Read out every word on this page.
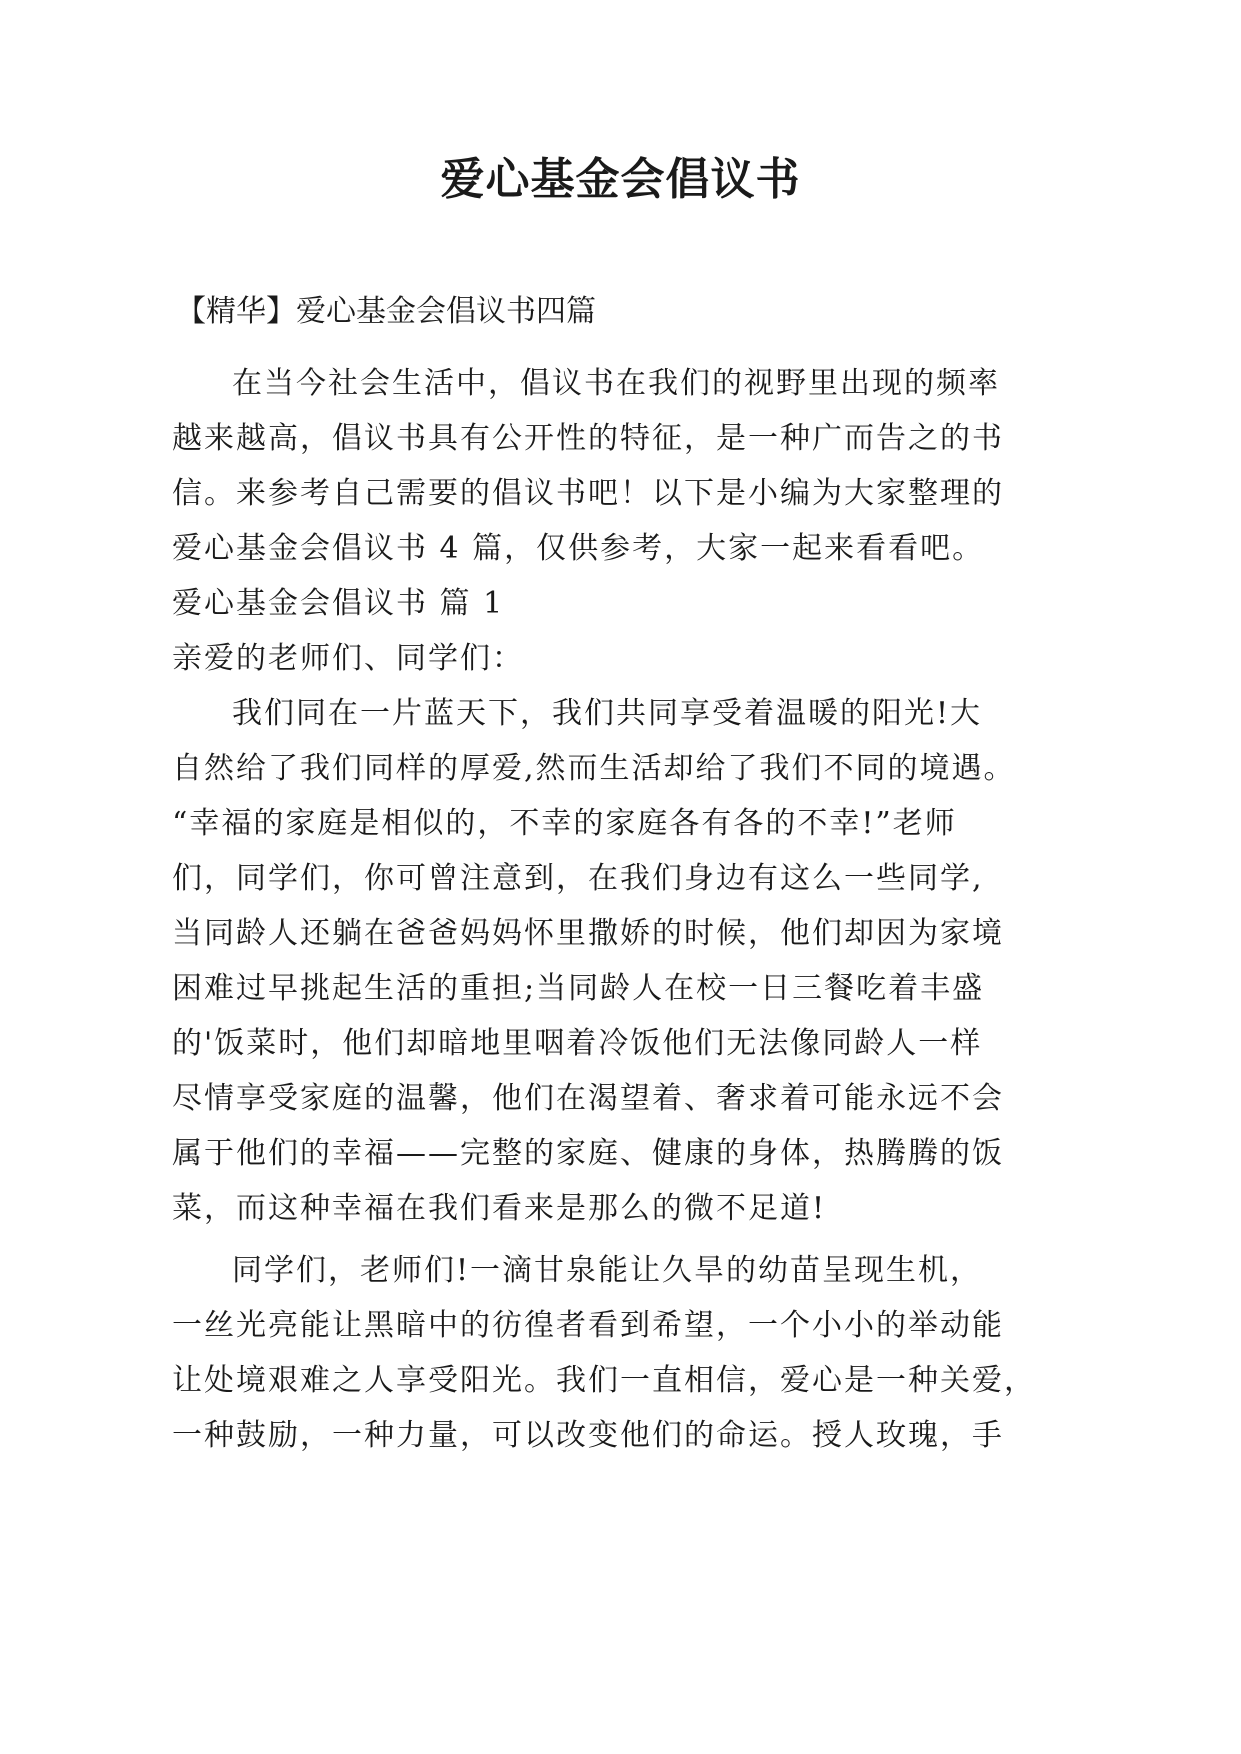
爱心基金会倡议书

【精华】爱心基金会倡议书四篇

在当今社会生活中，倡议书在我们的视野里出现的频率

越来越高，倡议书具有公开性的特征，是一种广而告之的书

信。来参考自己需要的倡议书吧！以下是小编为大家整理的

爱心基金会倡议书 4 篇，仅供参考，大家一起来看看吧。

爱心基金会倡议书 篇 1

亲爱的老师们、同学们：

我们同在一片蓝天下，我们共同享受着温暖的阳光!大

自然给了我们同样的厚爱,然而生活却给了我们不同的境遇。

“幸福的家庭是相似的，不幸的家庭各有各的不幸!”老师

们，同学们，你可曾注意到，在我们身边有这么一些同学,

当同龄人还躺在爸爸妈妈怀里撒娇的时候，他们却因为家境

困难过早挑起生活的重担;当同龄人在校一日三餐吃着丰盛

的'饭菜时，他们却暗地里咽着冷饭他们无法像同龄人一样

尽情享受家庭的温馨，他们在渴望着、奢求着可能永远不会

属于他们的幸福——完整的家庭、健康的身体，热腾腾的饭

菜，而这种幸福在我们看来是那么的微不足道!

同学们，老师们!一滴甘泉能让久旱的幼苗呈现生机，

一丝光亮能让黑暗中的彷徨者看到希望，一个小小的举动能

让处境艰难之人享受阳光。我们一直相信，爱心是一种关爱，

一种鼓励，一种力量，可以改变他们的命运。授人玫瑰，手
